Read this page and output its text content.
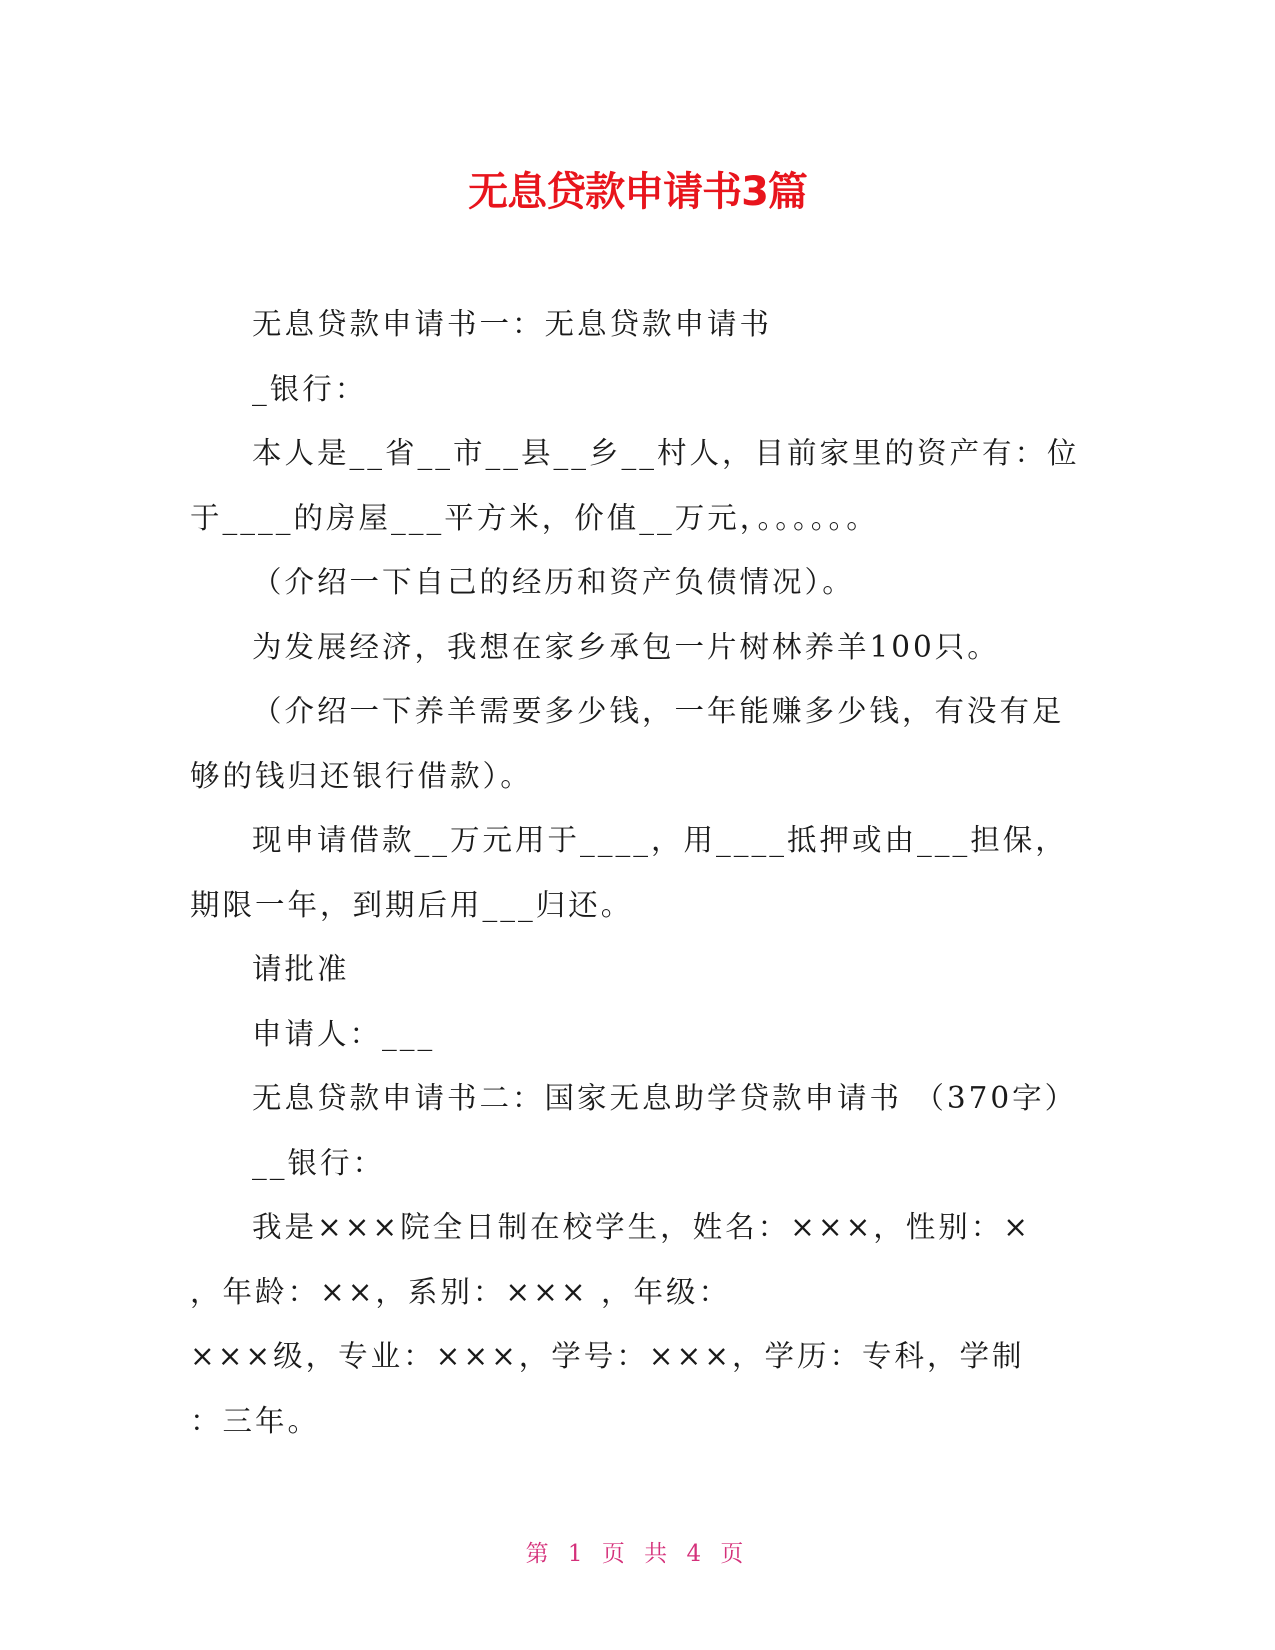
无息贷款申请书3篇

无息贷款申请书一：无息贷款申请书

_银行：

本人是__省__市__县__乡__村人，目前家里的资产有：位于____的房屋___平方米，价值__万元，。。。。。。

（介绍一下自己的经历和资产负债情况）。

为发展经济，我想在家乡承包一片树林养羊100只。

（介绍一下养羊需要多少钱，一年能赚多少钱，有没有足够的钱归还银行借款）。

现申请借款__万元用于____，用____抵押或由___担保，期限一年，到期后用___归还。

请批准

申请人：___

无息贷款申请书二：国家无息助学贷款申请书 （370字）

__银行：

我是×××院全日制在校学生，姓名：×××，性别：×

，年龄：××，系别：××× ，年级：

×××级，专业：×××，学号：×××，学历：专科，学制

：三年。

第 1 页 共 4 页
